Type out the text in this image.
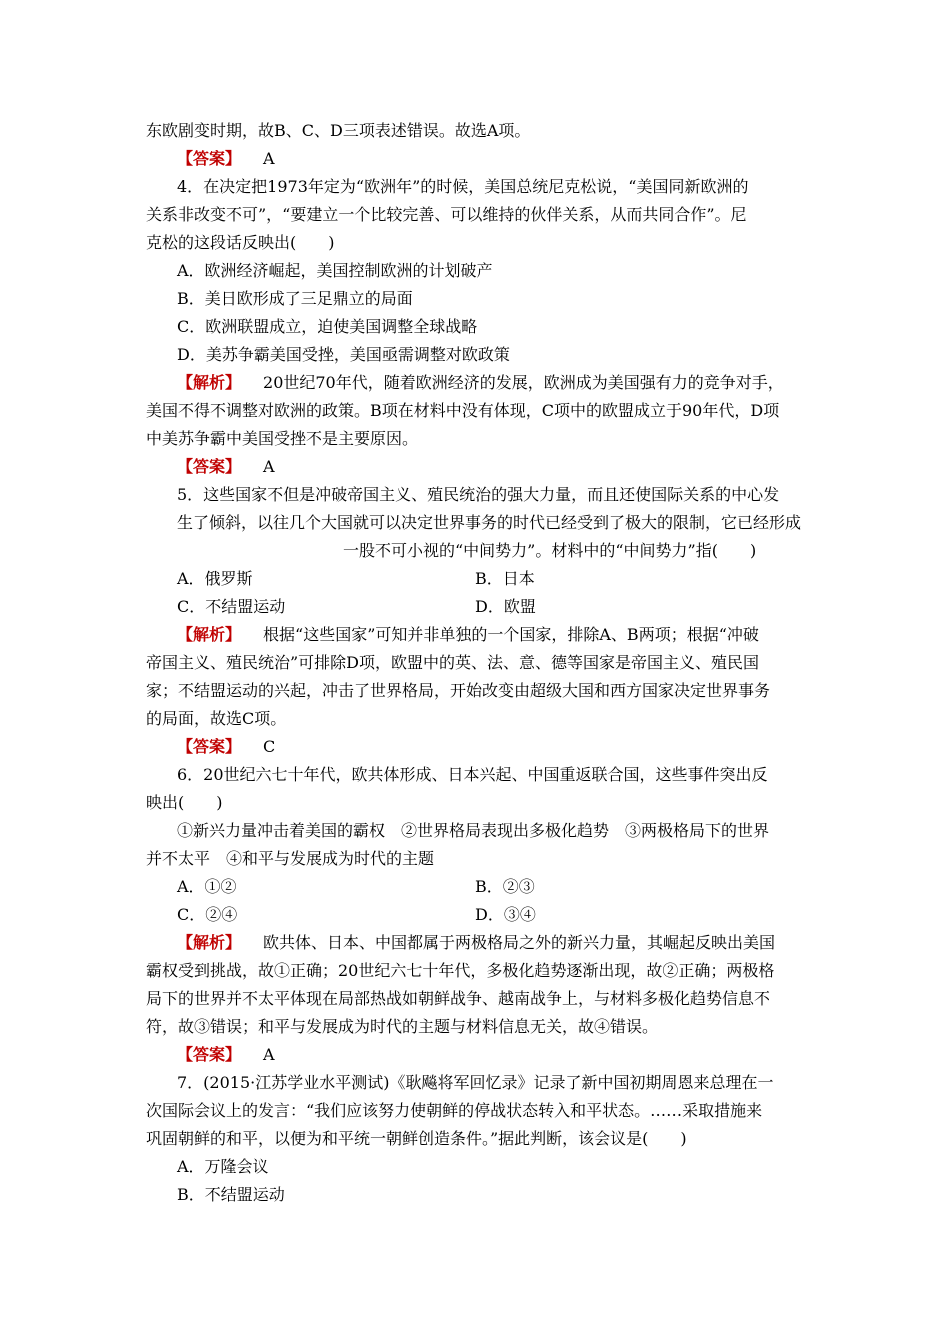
东欧剧变时期，故B、C、D三项表述错误。故选A项。
【答案】 A
4．在决定把1973年定为“欧洲年”的时候，美国总统尼克松说，“美国同新欧洲的
关系非改变不可”，“要建立一个比较完善、可以维持的伙伴关系，从而共同合作”。尼
克松的这段话反映出(　　)
A．欧洲经济崛起，美国控制欧洲的计划破产
B．美日欧形成了三足鼎立的局面
C．欧洲联盟成立，迫使美国调整全球战略
D．美苏争霸美国受挫，美国亟需调整对欧政策
【解析】 20世纪70年代，随着欧洲经济的发展，欧洲成为美国强有力的竞争对手，
美国不得不调整对欧洲的政策。B项在材料中没有体现，C项中的欧盟成立于90年代，D项
中美苏争霸中美国受挫不是主要原因。
【答案】 A
5．这些国家不但是冲破帝国主义、殖民统治的强大力量，而且还使国际关系的中心发
生了倾斜，以往几个大国就可以决定世界事务的时代已经受到了极大的限制，它已经形成
一股不可小视的“中间势力”。材料中的“中间势力”指(　　)
A．俄罗斯	B．日本
C．不结盟运动	D．欧盟
【解析】 根据“这些国家”可知并非单独的一个国家，排除A、B两项；根据“冲破
帝国主义、殖民统治”可排除D项，欧盟中的英、法、意、德等国家是帝国主义、殖民国
家；不结盟运动的兴起，冲击了世界格局，开始改变由超级大国和西方国家决定世界事务
的局面，故选C项。
【答案】 C
6．20世纪六七十年代，欧共体形成、日本兴起、中国重返联合国，这些事件突出反
映出(　　)
①新兴力量冲击着美国的霸权　②世界格局表现出多极化趋势　③两极格局下的世界
并不太平　④和平与发展成为时代的主题
A．①②	B．②③
C．②④	D．③④
【解析】 欧共体、日本、中国都属于两极格局之外的新兴力量，其崛起反映出美国
霸权受到挑战，故①正确；20世纪六七十年代，多极化趋势逐渐出现，故②正确；两极格
局下的世界并不太平体现在局部热战如朝鲜战争、越南战争上，与材料多极化趋势信息不
符，故③错误；和平与发展成为时代的主题与材料信息无关，故④错误。
【答案】 A
7．(2015·江苏学业水平测试)《耿飚将军回忆录》记录了新中国初期周恩来总理在一
次国际会议上的发言：“我们应该努力使朝鲜的停战状态转入和平状态。……采取措施来
巩固朝鲜的和平，以便为和平统一朝鲜创造条件。”据此判断，该会议是(　　)
A．万隆会议
B．不结盟运动
